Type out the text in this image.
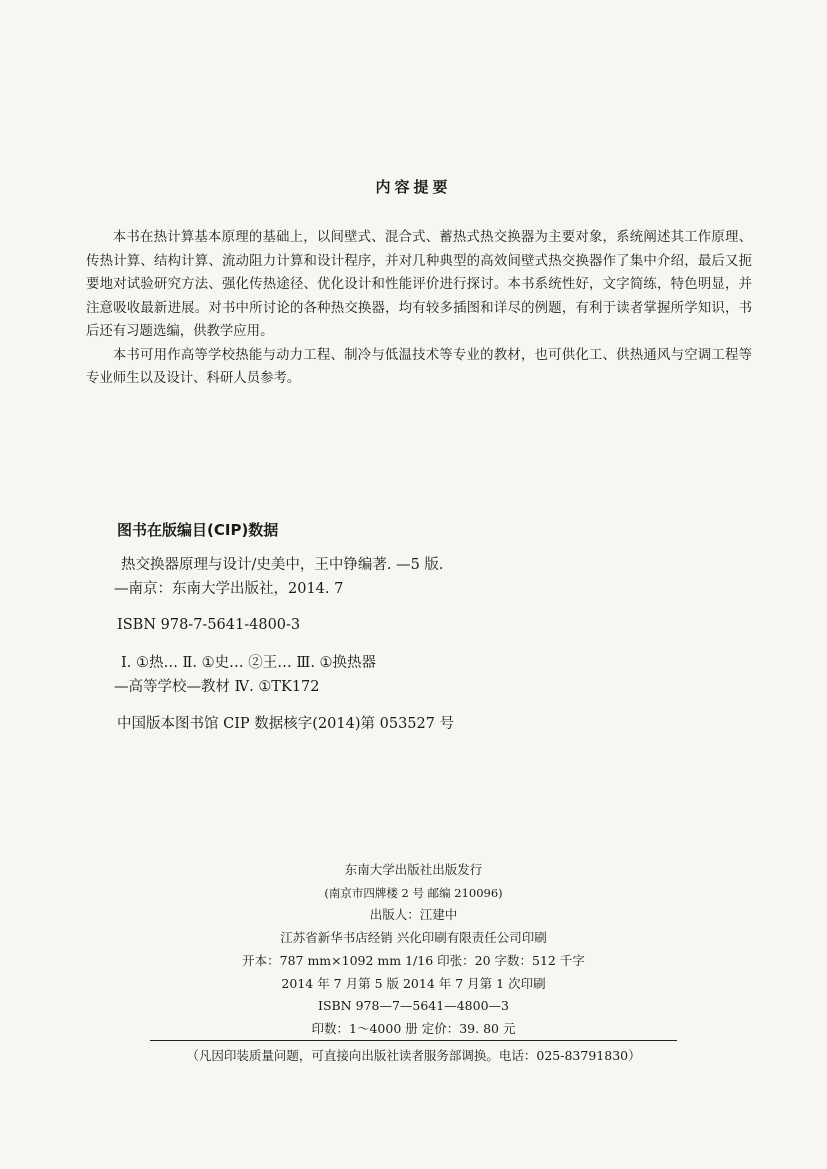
内容提要

本书在热计算基本原理的基础上，以间壁式、混合式、蓄热式热交换器为主要对象，系统阐述其工作原理、传热计算、结构计算、流动阻力计算和设计程序，并对几种典型的高效间壁式热交换器作了集中介绍，最后又扼要地对试验研究方法、强化传热途径、优化设计和性能评价进行探讨。本书系统性好，文字简练，特色明显，并注意吸收最新进展。对书中所讨论的各种热交换器，均有较多插图和详尽的例题，有利于读者掌握所学知识，书后还有习题选编，供教学应用。

本书可用作高等学校热能与动力工程、制冷与低温技术等专业的教材，也可供化工、供热通风与空调工程等专业师生以及设计、科研人员参考。

图书在版编目(CIP)数据
热交换器原理与设计/史美中，王中铮编著. —5 版.
—南京：东南大学出版社，2014. 7
ISBN 978-7-5641-4800-3
Ⅰ. ①热… Ⅱ. ①史… ②王… Ⅲ. ①换热器
—高等学校—教材 Ⅳ. ①TK172
中国版本图书馆 CIP 数据核字(2014)第 053527 号
东南大学出版社出版发行
(南京市四牌楼 2 号 邮编 210096)
出版人：江建中
江苏省新华书店经销 兴化印刷有限责任公司印刷
开本：787 mm×1092 mm 1/16 印张：20 字数：512 千字
2014 年 7 月第 5 版 2014 年 7 月第 1 次印刷
ISBN 978—7—5641—4800—3
印数：1～4000 册 定价：39. 80 元
（凡因印装质量问题，可直接向出版社读者服务部调换。电话：025-83791830）
